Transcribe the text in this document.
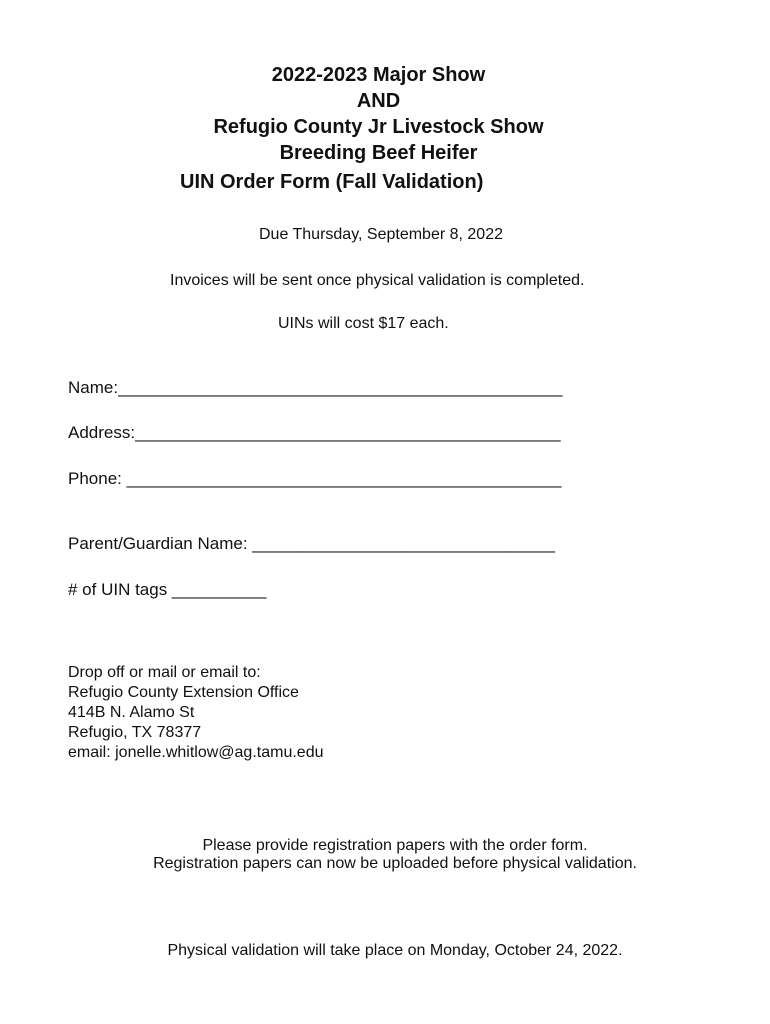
2022-2023 Major Show
AND
Refugio County Jr Livestock Show
Breeding Beef Heifer
UIN Order Form (Fall Validation)
Due Thursday, September 8, 2022
Invoices will be sent once physical validation is completed.
UINs will cost $17 each.
Name:_______________________________________________
Address:_____________________________________________
Phone: ______________________________________________
Parent/Guardian Name: ________________________________
# of UIN tags __________
Drop off or mail or email to:
Refugio County Extension Office
414B N. Alamo St
Refugio, TX 78377
email: jonelle.whitlow@ag.tamu.edu
Please provide registration papers with the order form.
Registration papers can now be uploaded before physical validation.
Physical validation will take place on Monday, October 24, 2022.
